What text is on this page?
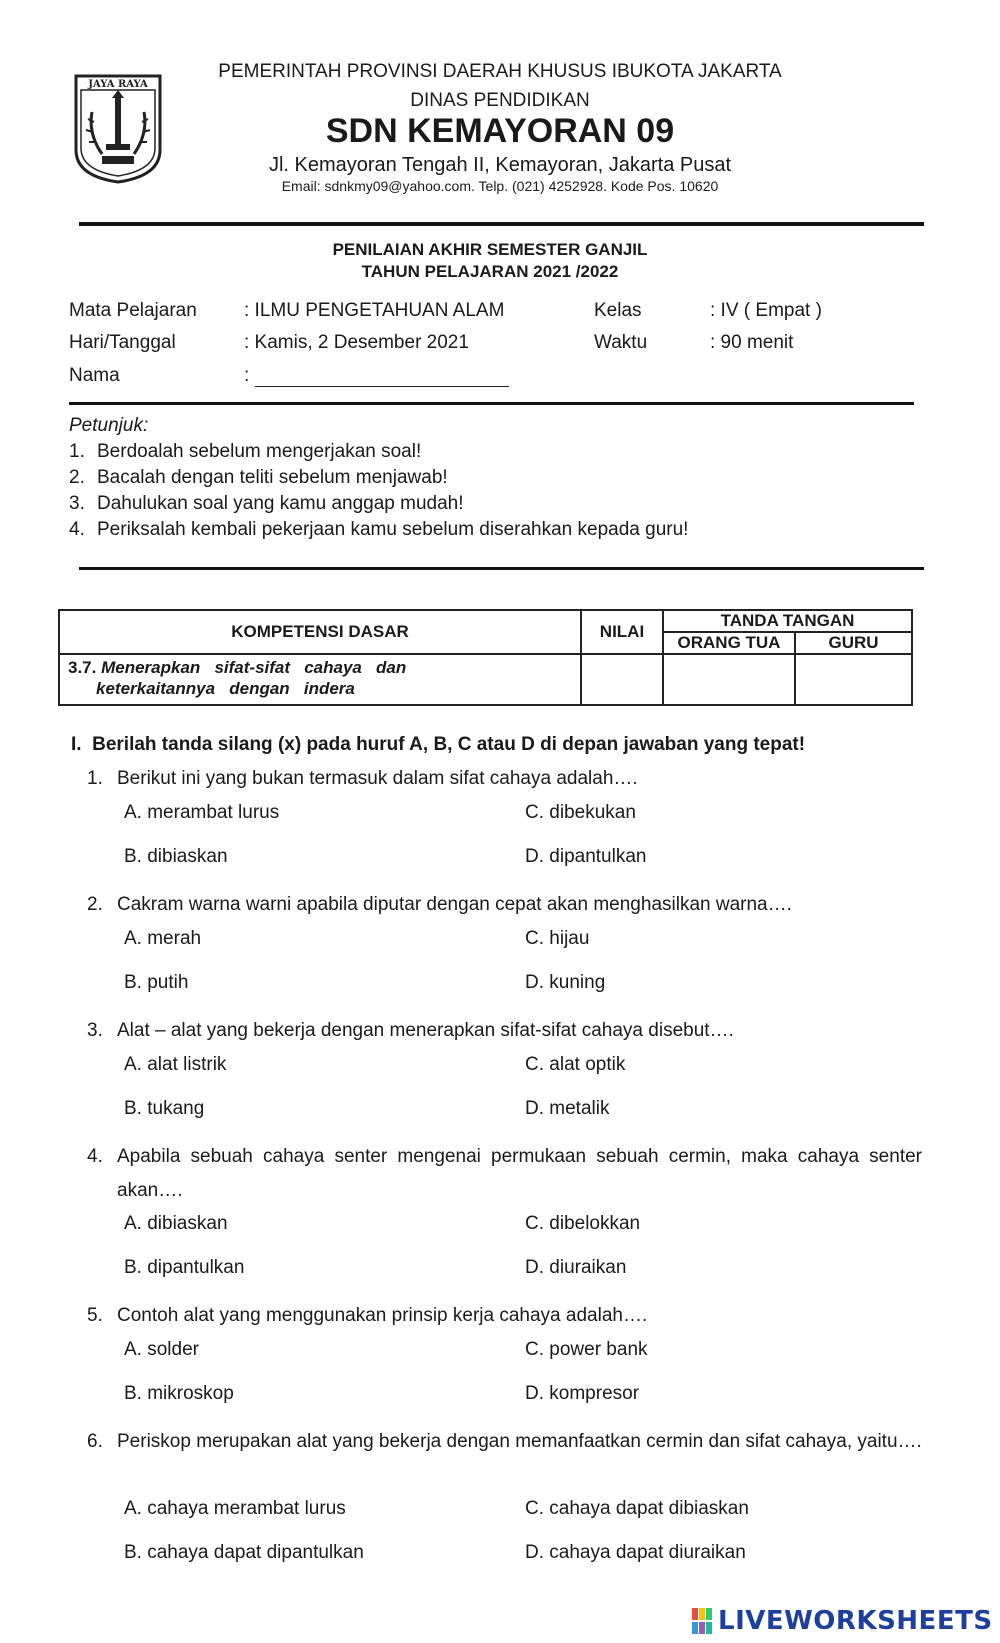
JAYA RAYA
PEMERINTAH PROVINSI DAERAH KHUSUS IBUKOTA JAKARTA
DINAS PENDIDIKAN
SDN KEMAYORAN 09
Jl. Kemayoran Tengah II, Kemayoran, Jakarta Pusat
Email: sdnkmy09@yahoo.com. Telp. (021) 4252928. Kode Pos. 10620
PENILAIAN AKHIR SEMESTER GANJIL
TAHUN PELAJARAN 2021 /2022
Mata Pelajaran : ILMU PENGETAHUAN ALAM	Kelas	: IV ( Empat )
Hari/Tanggal	: Kamis, 2 Desember 2021	Waktu	: 90 menit
Nama	:
Petunjuk:
1. Berdoalah sebelum mengerjakan soal!
2. Bacalah dengan teliti sebelum menjawab!
3. Dahulukan soal yang kamu anggap mudah!
4. Periksalah kembali pekerjaan kamu sebelum diserahkan kepada guru!
KOMPETENSI DASAR	NILAI	TANDA TANGAN	
		ORANG TUA	GURU

3.7. Menerapkan   sifat-sifat   cahaya   dan
keterkaitannya   dengan   indera			

I.  Berilah tanda silang (x) pada huruf A, B, C atau D di depan jawaban yang tepat!
1. Berikut ini yang bukan termasuk dalam sifat cahaya adalah….
A. merambat lurus
B. dibiaskan
C. dibekukan
D. dipantulkan
2. Cakram warna warni apabila diputar dengan cepat akan menghasilkan warna….
A. merah
B. putih
C. hijau
D. kuning
3. Alat – alat yang bekerja dengan menerapkan sifat-sifat cahaya disebut….
A. alat listrik
B. tukang
C. alat optik
D. metalik
4. Apabila sebuah cahaya senter mengenai permukaan sebuah cermin, maka cahaya senter akan….
A. dibiaskan
B. dipantulkan
C. dibelokkan
D. diuraikan
5. Contoh alat yang menggunakan prinsip kerja cahaya adalah….
A. solder
B. mikroskop
C. power bank
D. kompresor
6. Periskop merupakan alat yang bekerja dengan memanfaatkan cermin dan sifat cahaya, yaitu….
A. cahaya merambat lurus
B. cahaya dapat dipantulkan
C. cahaya dapat dibiaskan
D. cahaya dapat diuraikan
LIVEWORKSHEETS
